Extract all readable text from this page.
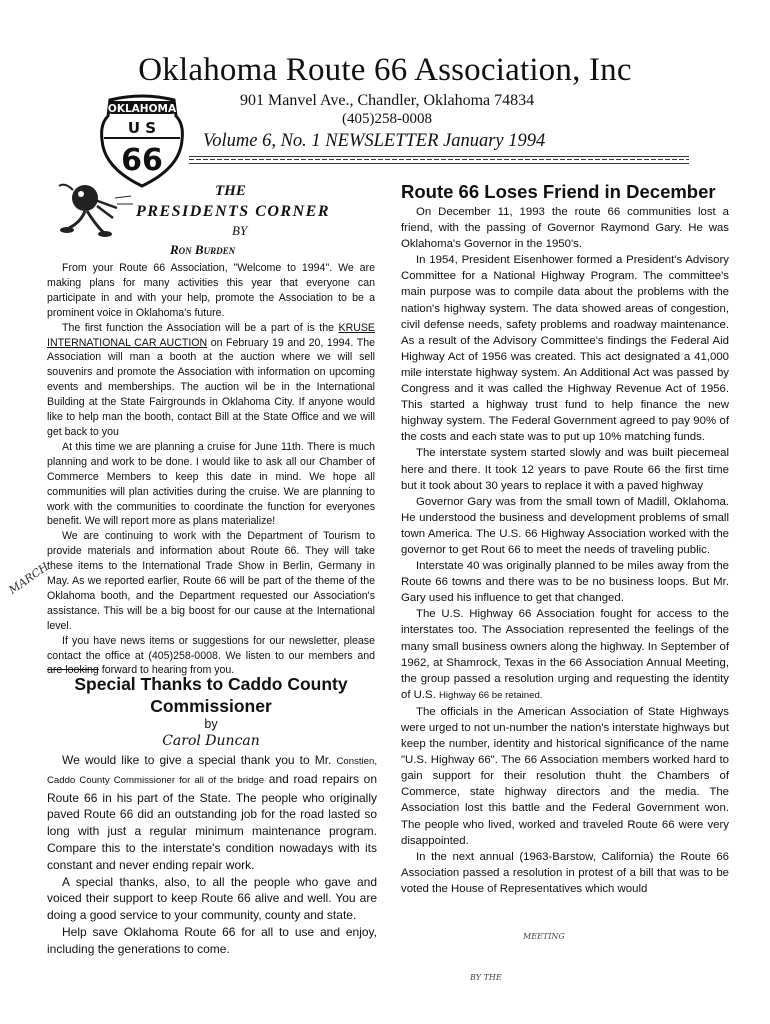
Oklahoma Route 66 Association, Inc
OKLAHOMA
U S
66
901 Manvel Ave., Chandler, Oklahoma 74834
(405)258-0008
Volume 6, No. 1 NEWSLETTER January 1994
THE
PRESIDENTS CORNER
BY
Ron Burden

From your Route 66 Association, "Welcome to 1994". We are making plans for many activities this year that everyone can participate in and with your help, promote the Association to be a prominent voice in Oklahoma's future.

The first function the Association will be a part of is the KRUSE INTERNATIONAL CAR AUCTION on February 19 and 20, 1994. The Association will man a booth at the auction where we will sell souvenirs and promote the Association with information on upcoming events and memberships. The auction wil be in the International Building at the State Fairgrounds in Oklahoma City. If anyone would like to help man the booth, contact Bill at the State Office and we will get back to you

At this time we are planning a cruise for June 11th. There is much planning and work to be done. I would like to ask all our Chamber of Commerce Members to keep this date in mind. We hope all communities will plan activities during the cruise. We are planning to work with the communities to coordinate the function for everyones benefit. We will report more as plans materialize!

We are continuing to work with the Department of Tourism to provide materials and information about Route 66. They will take these items to the International Trade Show in Berlin, Germany in May. As we reported earlier, Route 66 will be part of the theme of the Oklahoma booth, and the Department requested our Association's assistance. This will be a big boost for our cause at the International level.

If you have news items or suggestions for our newsletter, please contact the office at (405)258-0008. We listen to our members and are looking forward to hearing from you.

MARCH
Special Thanks to Caddo County Commissioner
by
Carol Duncan

We would like to give a special thank you to Mr. Constien, Caddo County Commissioner for all of the bridge and road repairs on Route 66 in his part of the State. The people who originally paved Route 66 did an outstanding job for the road lasted so long with just a regular minimum maintenance program. Compare this to the interstate's condition nowadays with its constant and never ending repair work.

A special thanks, also, to all the people who gave and voiced their support to keep Route 66 alive and well. You are doing a good service to your community, county and state.

Help save Oklahoma Route 66 for all to use and enjoy, including the generations to come.

Route 66 Loses Friend in December

On December 11, 1993 the route 66 communities lost a friend, with the passing of Governor Raymond Gary. He was Oklahoma's Governor in the 1950's.

In 1954, President Eisenhower formed a President's Advisory Committee for a National Highway Program. The committee's main purpose was to compile data about the problems with the nation's highway system. The data showed areas of congestion, civil defense needs, safety problems and roadway maintenance. As a result of the Advisory Committee's findings the Federal Aid Highway Act of 1956 was created. This act designated a 41,000 mile interstate highway system. An Additional Act was passed by Congress and it was called the Highway Revenue Act of 1956. This started a highway trust fund to help finance the new highway system. The Federal Government agreed to pay 90% of the costs and each state was to put up 10% matching funds.

The interstate system started slowly and was built piecemeal here and there. It took 12 years to pave Route 66 the first time but it took about 30 years to replace it with a paved highway

Governor Gary was from the small town of Madill, Oklahoma. He understood the business and development problems of small town America. The U.S. 66 Highway Association worked with the governor to get Rout 66 to meet the needs of traveling public.

Interstate 40 was originally planned to be miles away from the Route 66 towns and there was to be no business loops. But Mr. Gary used his influence to get that changed.

The U.S. Highway 66 Association fought for access to the interstates too. The Association represented the feelings of the many small business owners along the highway. In September of 1962, at Shamrock, Texas in the 66 Association Annual Meeting, the group passed a resolution urging and requesting the identity of U.S. Highway 66 be retained.

The officials in the American Association of State Highways were urged to not un-number the nation's interstate highways but keep the number, identity and historical significance of the name "U.S. Highway 66". The 66 Association members worked hard to gain support for their resolution thuht the Chambers of Commerce, state highway directors and the media. The Association lost this battle and the Federal Government won. The people who lived, worked and traveled Route 66 were very disappointed.

In the next annual (1963-Barstow, California) the Route 66 Association passed a resolution in protest of a bill that was to be voted the House of Representatives which would

MEETING
BY THE
